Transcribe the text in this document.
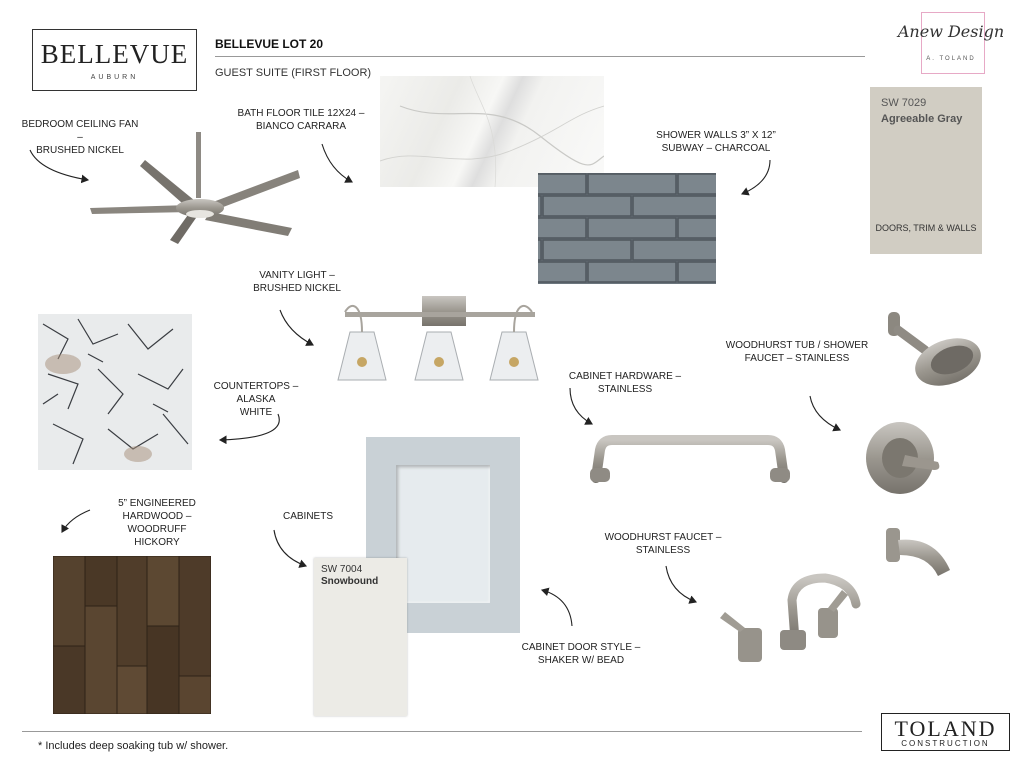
BELLEVUE
AUBURN
BELLEVUE LOT 20
GUEST SUITE (FIRST FLOOR)
Anew Design
A. TOLAND
SW 7029
Agreeable Gray
DOORS, TRIM & WALLS
BEDROOM CEILING FAN –
BRUSHED NICKEL
BATH FLOOR TILE 12X24 –
BIANCO CARRARA
SHOWER WALLS 3” X 12”
SUBWAY – CHARCOAL
VANITY LIGHT –
BRUSHED NICKEL
COUNTERTOPS – ALASKA
WHITE
CABINET HARDWARE –
STAINLESS
WOODHURST TUB / SHOWER
FAUCET – STAINLESS
5” ENGINEERED
HARDWOOD – WOODRUFF
HICKORY
CABINETS
WOODHURST FAUCET –
STAINLESS
CABINET DOOR STYLE –
SHAKER W/ BEAD
SW 7004
Snowbound
TOLAND
CONSTRUCTION
* Includes deep soaking tub w/ shower.
